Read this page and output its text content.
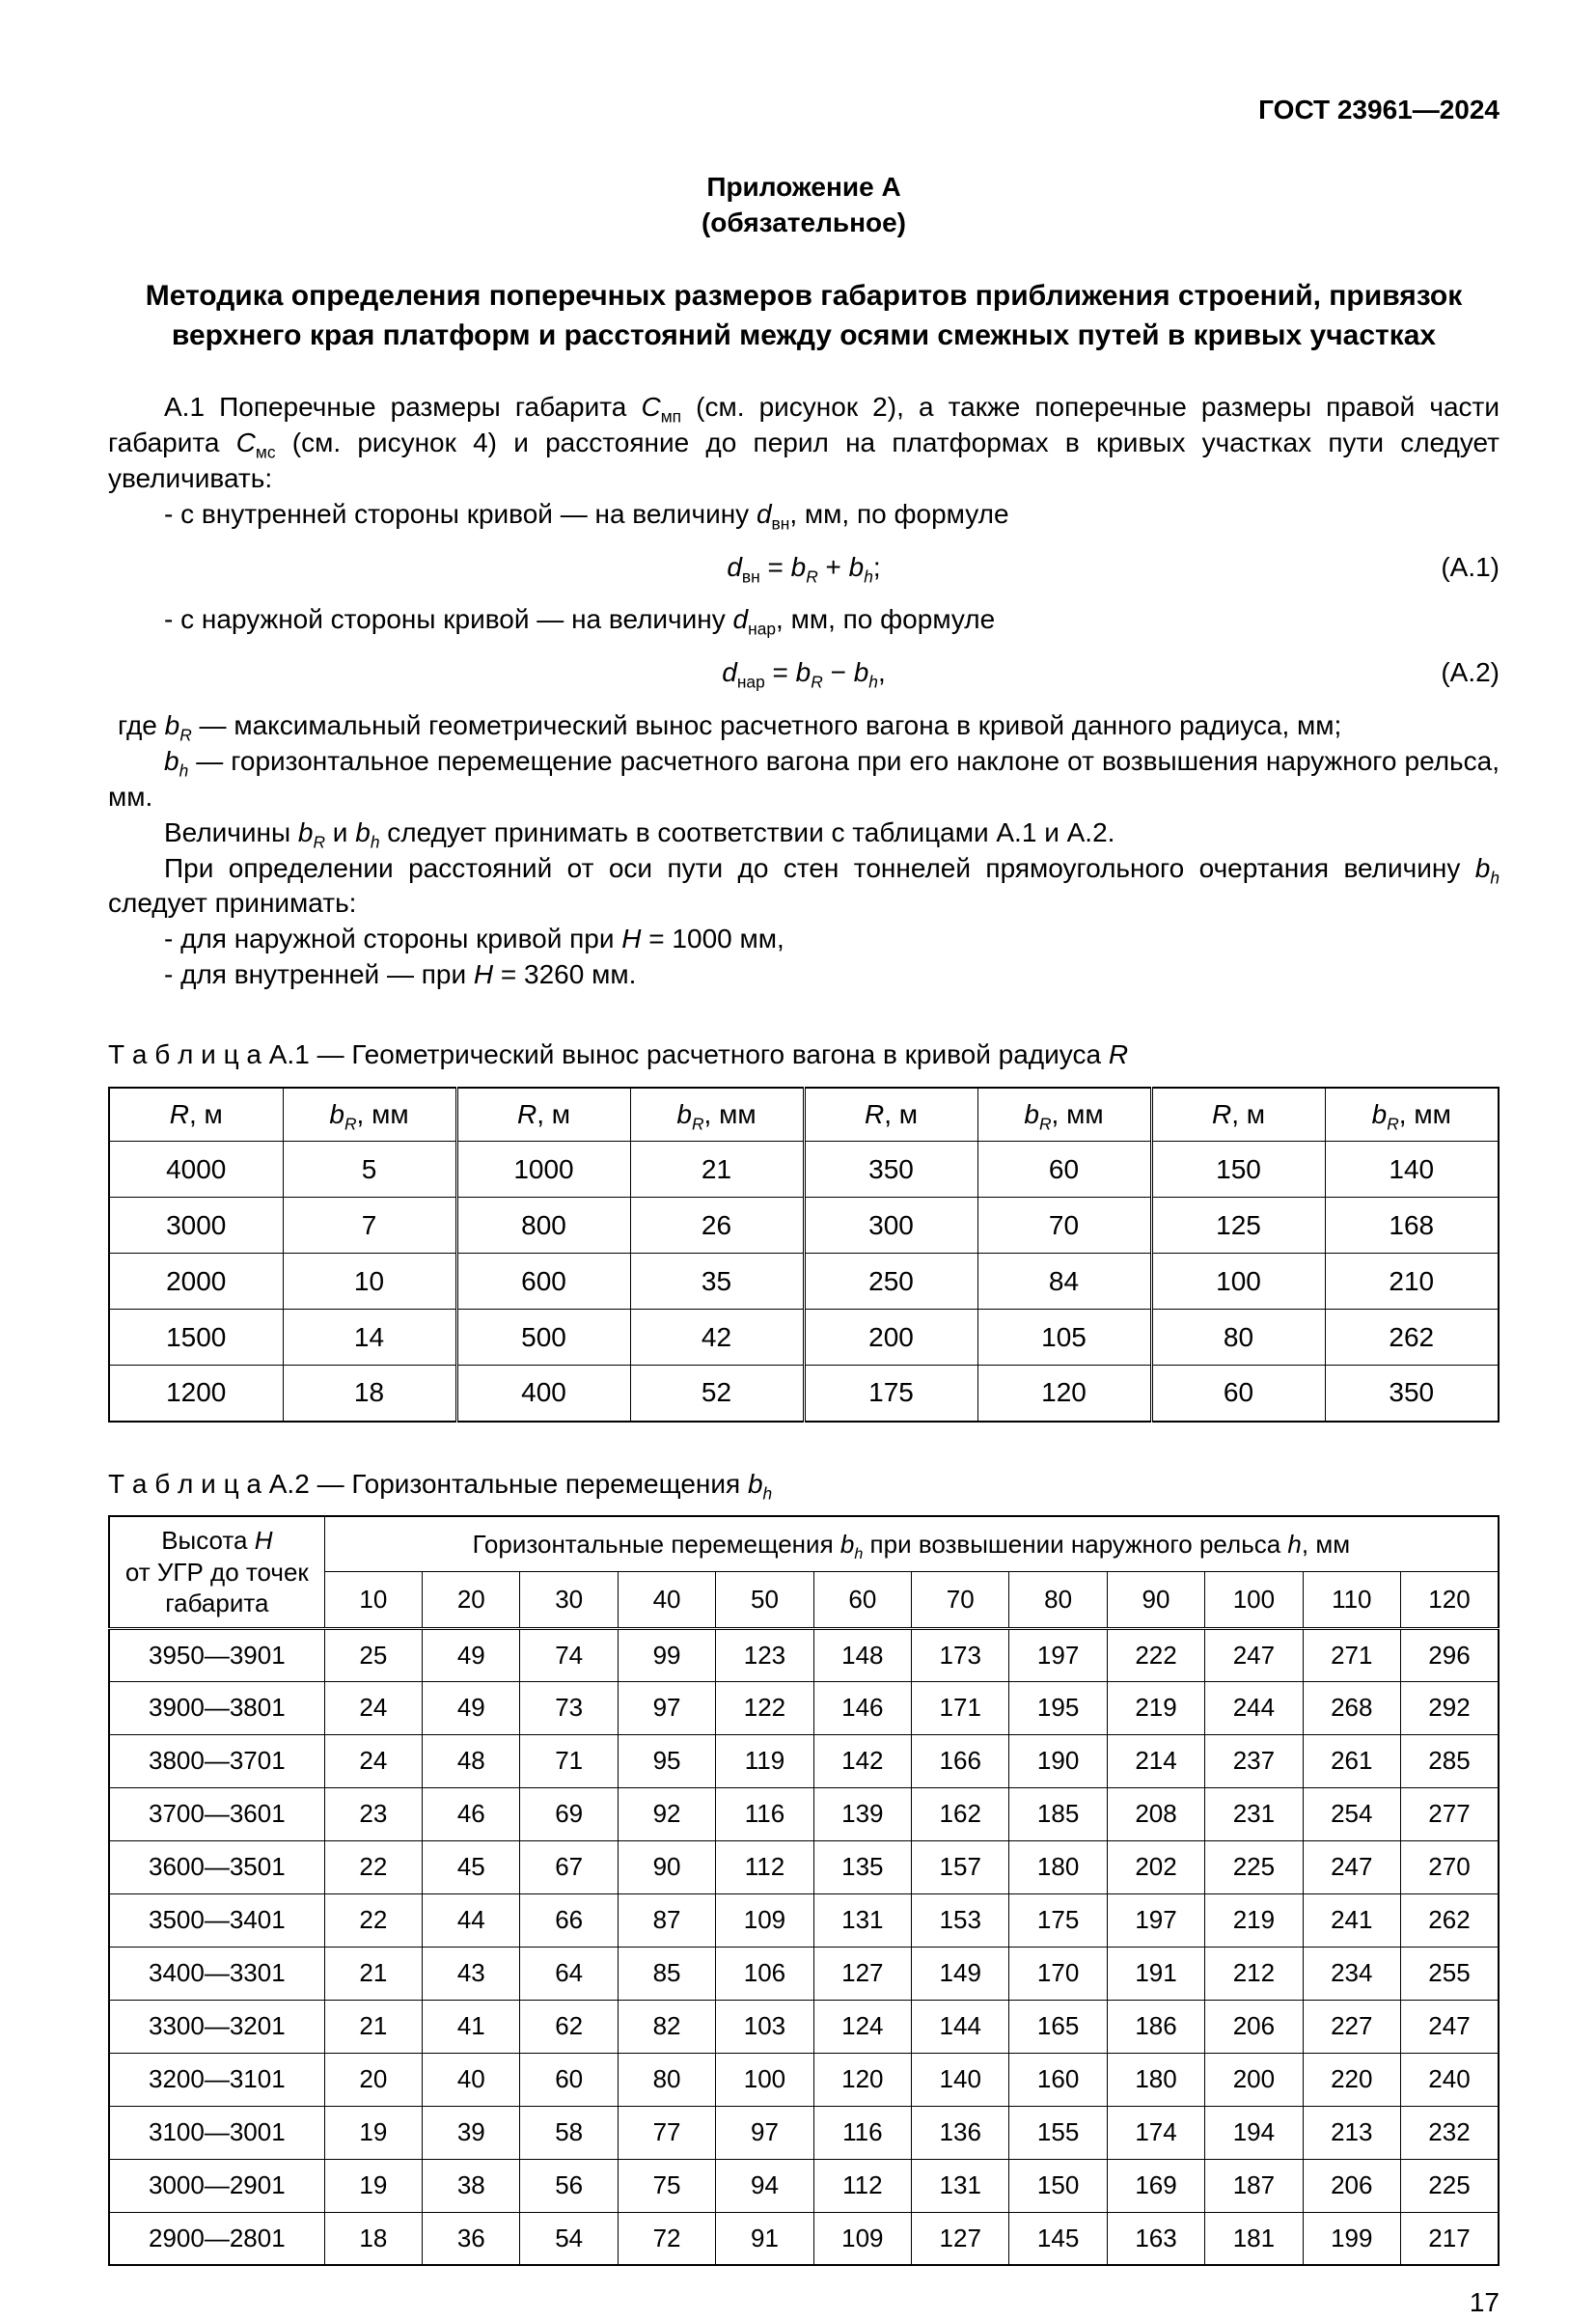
ГОСТ 23961—2024
Приложение А
(обязательное)
Методика определения поперечных размеров габаритов приближения строений, привязок верхнего края платформ и расстояний между осями смежных путей в кривых участках

А.1 Поперечные размеры габарита $С_{мп}$ (см. рисунок 2), а также поперечные размеры правой части габарита $С_{мс}$ (см. рисунок 4) и расстояние до перил на платформах в кривых участках пути следует увеличивать:

- с внутренней стороны кривой — на величину $d_{вн}$, мм, по формуле

$d_{вн} = b_R + b_h$;	(А.1)

- с наружной стороны кривой — на величину $d_{нар}$, мм, по формуле

$d_{нар} = b_R - b_h$,	(А.2)

где $b_R$ — максимальный геометрический вынос расчетного вагона в кривой данного радиуса, мм;

$b_h$ — горизонтальное перемещение расчетного вагона при его наклоне от возвышения наружного рельса, мм.

Величины $b_R$ и $b_h$ следует принимать в соответствии с таблицами А.1 и А.2.

При определении расстояний от оси пути до стен тоннелей прямоугольного очертания величину $b_h$ следует принимать:

- для наружной стороны кривой при H = 1000 мм,

- для внутренней — при H = 3260 мм.

Т а б л и ц а А.1 — Геометрический вынос расчетного вагона в кривой радиуса R

R, м	$b_R$, мм	R, м	$b_R$, мм	R, м	$b_R$, мм	R, м	$b_R$, мм
4000	5	1000	21	350	60	150	140
3000	7	800	26	300	70	125	168
2000	10	600	35	250	84	100	210
1500	14	500	42	200	105	80	262
1200	18	400	52	175	120	60	350

Т а б л и ц а А.2 — Горизонтальные перемещения $b_h$

Высота H
от УГР до точек
габарита	Горизонтальные перемещения $b_h$ при возвышении наружного рельса h, мм											
	10	20	30	40	50	60	70	80	90	100	110	120
3950—3901	25	49	74	99	123	148	173	197	222	247	271	296
3900—3801	24	49	73	97	122	146	171	195	219	244	268	292
3800—3701	24	48	71	95	119	142	166	190	214	237	261	285
3700—3601	23	46	69	92	116	139	162	185	208	231	254	277
3600—3501	22	45	67	90	112	135	157	180	202	225	247	270
3500—3401	22	44	66	87	109	131	153	175	197	219	241	262
3400—3301	21	43	64	85	106	127	149	170	191	212	234	255
3300—3201	21	41	62	82	103	124	144	165	186	206	227	247
3200—3101	20	40	60	80	100	120	140	160	180	200	220	240
3100—3001	19	39	58	77	97	116	136	155	174	194	213	232
3000—2901	19	38	56	75	94	112	131	150	169	187	206	225
2900—2801	18	36	54	72	91	109	127	145	163	181	199	217
17
